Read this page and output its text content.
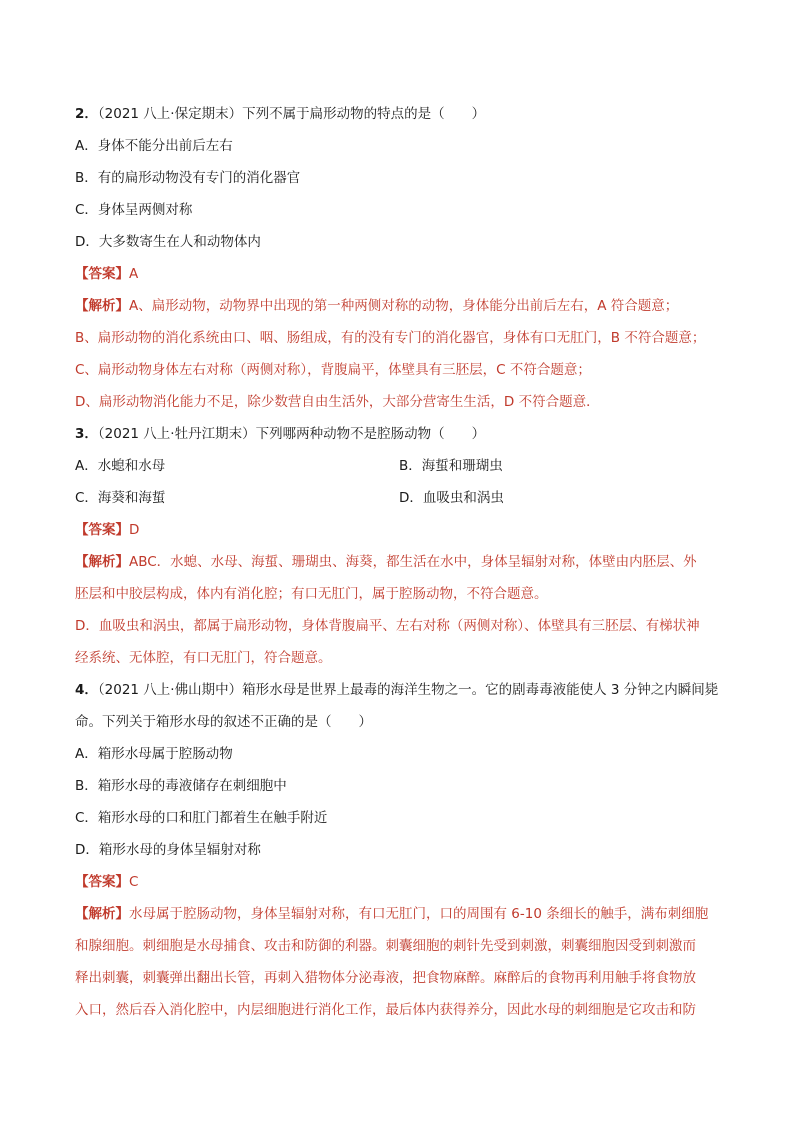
2．（2021 八上·保定期末）下列不属于扁形动物的特点的是（　　）
A．身体不能分出前后左右
B．有的扁形动物没有专门的消化器官
C．身体呈两侧对称
D．大多数寄生在人和动物体内
【答案】A
【解析】A、扁形动物，动物界中出现的第一种两侧对称的动物，身体能分出前后左右，A 符合题意；
B、扁形动物的消化系统由口、咽、肠组成，有的没有专门的消化器官，身体有口无肛门，B 不符合题意；
C、扁形动物身体左右对称（两侧对称），背腹扁平，体壁具有三胚层，C 不符合题意；
D、扁形动物消化能力不足，除少数营自由生活外，大部分营寄生生活，D 不符合题意．
3．（2021 八上·牡丹江期末）下列哪两种动物不是腔肠动物（　　）
A．水螅和水母	B．海蜇和珊瑚虫
C．海葵和海蜇	D．血吸虫和涡虫
【答案】D
【解析】ABC．水螅、水母、海蜇、珊瑚虫、海葵，都生活在水中，身体呈辐射对称，体壁由内胚层、外
胚层和中胶层构成，体内有消化腔；有口无肛门，属于腔肠动物，不符合题意。
D．血吸虫和涡虫，都属于扁形动物，身体背腹扁平、左右对称（两侧对称）、体壁具有三胚层、有梯状神
经系统、无体腔，有口无肛门，符合题意。
4．（2021 八上·佛山期中）箱形水母是世界上最毒的海洋生物之一。它的剧毒毒液能使人 3 分钟之内瞬间毙
命。下列关于箱形水母的叙述不正确的是（　　）
A．箱形水母属于腔肠动物
B．箱形水母的毒液储存在刺细胞中
C．箱形水母的口和肛门都着生在触手附近
D．箱形水母的身体呈辐射对称
【答案】C
【解析】水母属于腔肠动物，身体呈辐射对称，有口无肛门，口的周围有 6-10 条细长的触手，满布刺细胞
和腺细胞。刺细胞是水母捕食、攻击和防御的利器。刺囊细胞的刺针先受到刺激，刺囊细胞因受到刺激而
释出刺囊，刺囊弹出翻出长管，再刺入猎物体分泌毒液，把食物麻醉。麻醉后的食物再利用触手将食物放
入口，然后吞入消化腔中，内层细胞进行消化工作，最后体内获得养分，因此水母的刺细胞是它攻击和防
